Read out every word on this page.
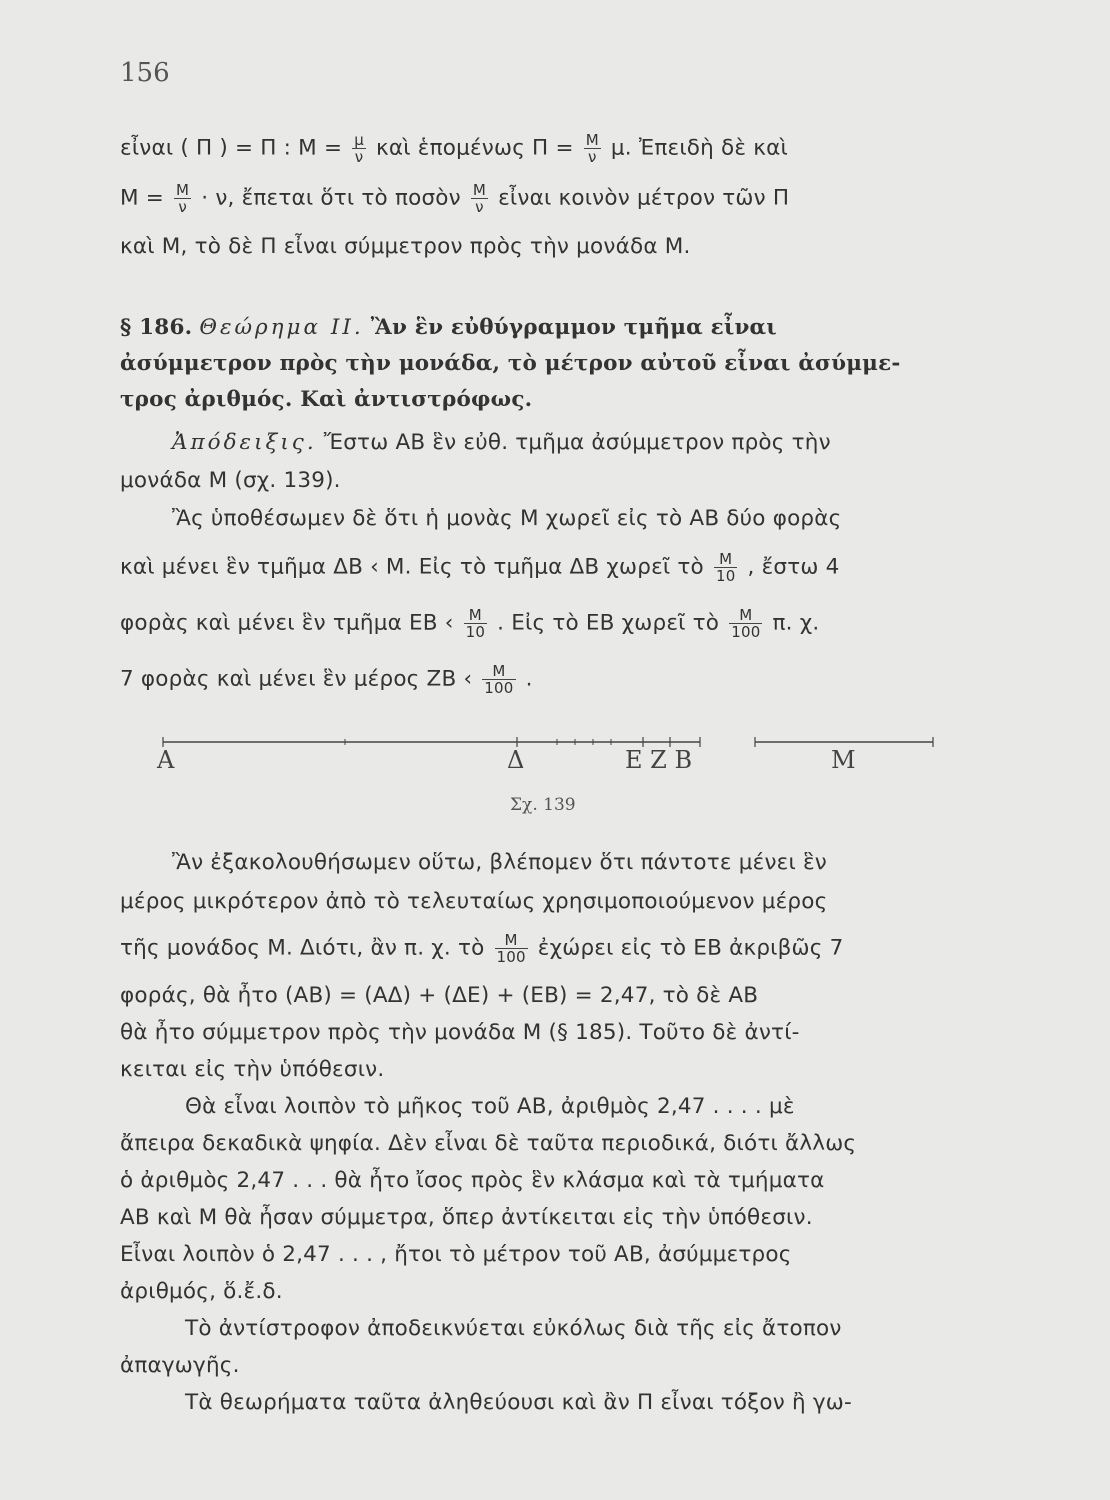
156
εἶναι ( Π ) = Π : $M = \frac{\mu}{\nu}$ καὶ ἑπομένως $\Pi = \frac{M}{\nu} \mu$. Ἐπειδὴ δὲ καὶ
$M = \frac{M}{\nu} \cdot \nu$, ἔπεται ὅτι τὸ ποσὸν $\frac{M}{\nu}$ εἶναι κοινὸν μέτρον τῶν Π
καὶ Μ, τὸ δὲ Π εἶναι σύμμετρον πρὸς τὴν μονάδα Μ.
§ 186. Θεώρημα ΙΙ. Ἂν ἓν εὐθύγραμμον τμῆμα εἶναι
ἀσύμμετρον πρὸς τὴν μονάδα, τὸ μέτρον αὐτοῦ εἶναι ἀσύμμε-
τρος ἀριθμός. Καὶ ἀντιστρόφως.
Ἀπόδειξις. Ἔστω ΑΒ ἓν εὐθ. τμῆμα ἀσύμμετρον πρὸς τὴν
μονάδα Μ (σχ. 139).
Ἂς ὑποθέσωμεν δὲ ὅτι ἡ μονὰς Μ χωρεῖ εἰς τὸ ΑΒ δύο φορὰς
καὶ μένει ἓν τμῆμα ΔΒ ‹ Μ. Εἰς τὸ τμῆμα ΔΒ χωρεῖ τὸ $\frac{M}{10}$ , ἔστω 4
φορὰς καὶ μένει ἓν τμῆμα ΕΒ ‹ $\frac{M}{10}$ . Εἰς τὸ ΕΒ χωρεῖ τὸ $\frac{M}{100} \pi$. χ.
7 φορὰς καὶ μένει ἓν μέρος ΖΒ ‹ $\frac{M}{100}$ .
Α	Δ	Ε Ζ Β	Μ
Σχ. 139
Ἂν ἐξακολουθήσωμεν οὕτω, βλέπομεν ὅτι πάντοτε μένει ἓν
μέρος μικρότερον ἀπὸ τὸ τελευταίως χρησιμοποιούμενον μέρος
τῆς μονάδος Μ. Διότι, ἂν π. χ. τὸ $\frac{M}{100}$ ἐχώρει εἰς τὸ ΕΒ ἀκριβῶς 7
φοράς, θὰ ἦτο (ΑΒ) = (ΑΔ) + (ΔΕ) + (ΕΒ) = 2,47, τὸ δὲ ΑΒ
θὰ ἦτο σύμμετρον πρὸς τὴν μονάδα Μ (§ 185). Τοῦτο δὲ ἀντί-
κειται εἰς τὴν ὑπόθεσιν.
Θὰ εἶναι λοιπὸν τὸ μῆκος τοῦ ΑΒ, ἀριθμὸς 2,47 . . . . μὲ
ἄπειρα δεκαδικὰ ψηφία. Δὲν εἶναι δὲ ταῦτα περιοδικά, διότι ἄλλως
ὁ ἀριθμὸς 2,47 . . . θὰ ἦτο ἴσος πρὸς ἓν κλάσμα καὶ τὰ τμήματα
ΑΒ καὶ Μ θὰ ἦσαν σύμμετρα, ὅπερ ἀντίκειται εἰς τὴν ὑπόθεσιν.
Εἶναι λοιπὸν ὁ 2,47 . . . , ἤτοι τὸ μέτρον τοῦ ΑΒ, ἀσύμμετρος
ἀριθμός, ὅ.ἔ.δ.
Τὸ ἀντίστροφον ἀποδεικνύεται εὐκόλως διὰ τῆς εἰς ἄτοπον
ἀπαγωγῆς.
Τὰ θεωρήματα ταῦτα ἀληθεύουσι καὶ ἂν Π εἶναι τόξον ἢ γω-
